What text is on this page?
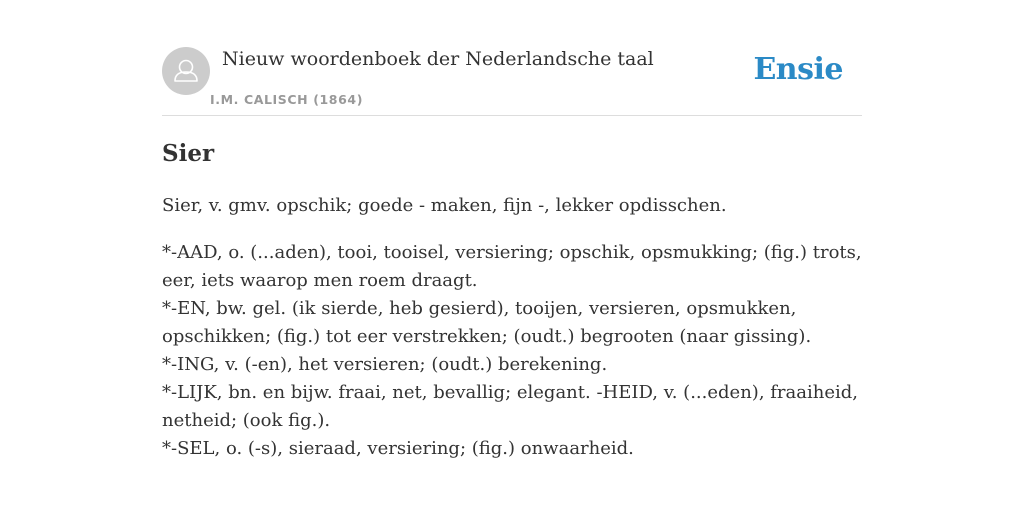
Nieuw woordenboek der Nederlandsche taal
I.M. CALISCH (1864)
Ensie
Sier

Sier, v. gmv. opschik; goede - maken, fijn -, lekker opdisschen.

*-AAD, o. (...aden), tooi, tooisel, versiering; opschik, opsmukking; (fig.) trots, eer, iets waarop men roem draagt.

*-EN, bw. gel. (ik sierde, heb gesierd), tooijen, versieren, opsmukken, opschikken; (fig.) tot eer verstrekken; (oudt.) begrooten (naar gissing).

*-ING, v. (-en), het versieren; (oudt.) berekening.

*-LIJK, bn. en bijw. fraai, net, bevallig; elegant. -HEID, v. (...eden), fraaiheid, netheid; (ook fig.).

*-SEL, o. (-s), sieraad, versiering; (fig.) onwaarheid.
